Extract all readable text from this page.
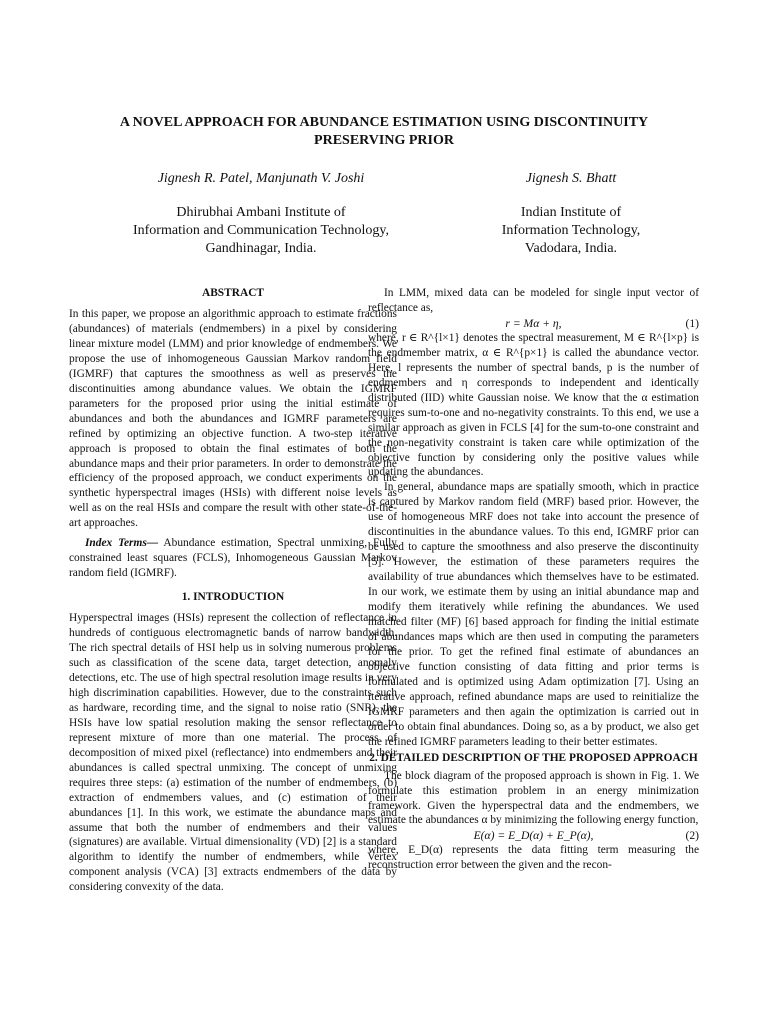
A NOVEL APPROACH FOR ABUNDANCE ESTIMATION USING DISCONTINUITY
PRESERVING PRIOR
Jignesh R. Patel, Manjunath V. Joshi	Jignesh S. Bhatt
Dhirubhai Ambani Institute of
Information and Communication Technology,
Gandhinagar, India.
Indian Institute of
Information Technology,
Vadodara, India.
ABSTRACT

In this paper, we propose an algorithmic approach to estimate fractions (abundances) of materials (endmembers) in a pixel by considering linear mixture model (LMM) and prior knowledge of endmembers. We propose the use of inhomogeneous Gaussian Markov random field (IGMRF) that captures the smoothness as well as preserves the discontinuities among abundance values. We obtain the IGMRF parameters for the proposed prior using the initial estimate of abundances and both the abundances and IGMRF parameters are refined by optimizing an objective function. A two-step iterative approach is proposed to obtain the final estimates of both the abundance maps and their prior parameters. In order to demonstrate the efficiency of the proposed approach, we conduct experiments on the synthetic hyperspectral images (HSIs) with different noise levels as well as on the real HSIs and compare the result with other state-of-the-art approaches.

Index Terms— Abundance estimation, Spectral unmixing, Fully constrained least squares (FCLS), Inhomogeneous Gaussian Markov random field (IGMRF).

1. INTRODUCTION

Hyperspectral images (HSIs) represent the collection of reflectance in hundreds of contiguous electromagnetic bands of narrow bandwidth. The rich spectral details of HSI help us in solving numerous problems such as classification of the scene data, target detection, anomaly detections, etc. The use of high spectral resolution image results in very high discrimination capabilities. However, due to the constraints such as hardware, recording time, and the signal to noise ratio (SNR), the HSIs have low spatial resolution making the sensor reflectance to represent mixture of more than one material. The process of decomposition of mixed pixel (reflectance) into endmembers and their abundances is called spectral unmixing. The concept of unmixing requires three steps: (a) estimation of the number of endmembers, (b) extraction of endmembers values, and (c) estimation of their abundances [1]. In this work, we estimate the abundance maps and assume that both the number of endmembers and their values (signatures) are available. Virtual dimensionality (VD) [2] is a standard algorithm to identify the number of endmembers, while Vertex component analysis (VCA) [3] extracts endmembers of the data by considering convexity of the data.

In LMM, mixed data can be modeled for single input vector of reflectance as,

r = Mα + η,	(1)

where, r ∈ R^{l×1} denotes the spectral measurement, M ∈ R^{l×p} is the endmember matrix, α ∈ R^{p×1} is called the abundance vector. Here, l represents the number of spectral bands, p is the number of endmembers and η corresponds to independent and identically distributed (IID) white Gaussian noise. We know that the α estimation requires sum-to-one and no-negativity constraints. To this end, we use a similar approach as given in FCLS [4] for the sum-to-one constraint and the non-negativity constraint is taken care while optimization of the objective function by considering only the positive values while updating the abundances.

In general, abundance maps are spatially smooth, which in practice is captured by Markov random field (MRF) based prior. However, the use of homogeneous MRF does not take into account the presence of discontinuities in the abundance values. To this end, IGMRF prior can be used to capture the smoothness and also preserve the discontinuity [5]. However, the estimation of these parameters requires the availability of true abundances which themselves have to be estimated. In our work, we estimate them by using an initial abundance map and modify them iteratively while refining the abundances. We used matched filter (MF) [6] based approach for finding the initial estimate of abundances maps which are then used in computing the parameters for the prior. To get the refined final estimate of abundances an objective function consisting of data fitting and prior terms is formulated and is optimized using Adam optimization [7]. Using an iterative approach, refined abundance maps are used to reinitialize the IGMRF parameters and then again the optimization is carried out in order to obtain final abundances. Doing so, as a by product, we also get the refined IGMRF parameters leading to their better estimates.

2. DETAILED DESCRIPTION OF THE PROPOSED APPROACH

The block diagram of the proposed approach is shown in Fig. 1. We formulate this estimation problem in an energy minimization framework. Given the hyperspectral data and the endmembers, we estimate the abundances α by minimizing the following energy function,

E(α) = E_D(α) + E_P(α),	(2)

where, E_D(α) represents the data fitting term measuring the reconstruction error between the given and the recon-
